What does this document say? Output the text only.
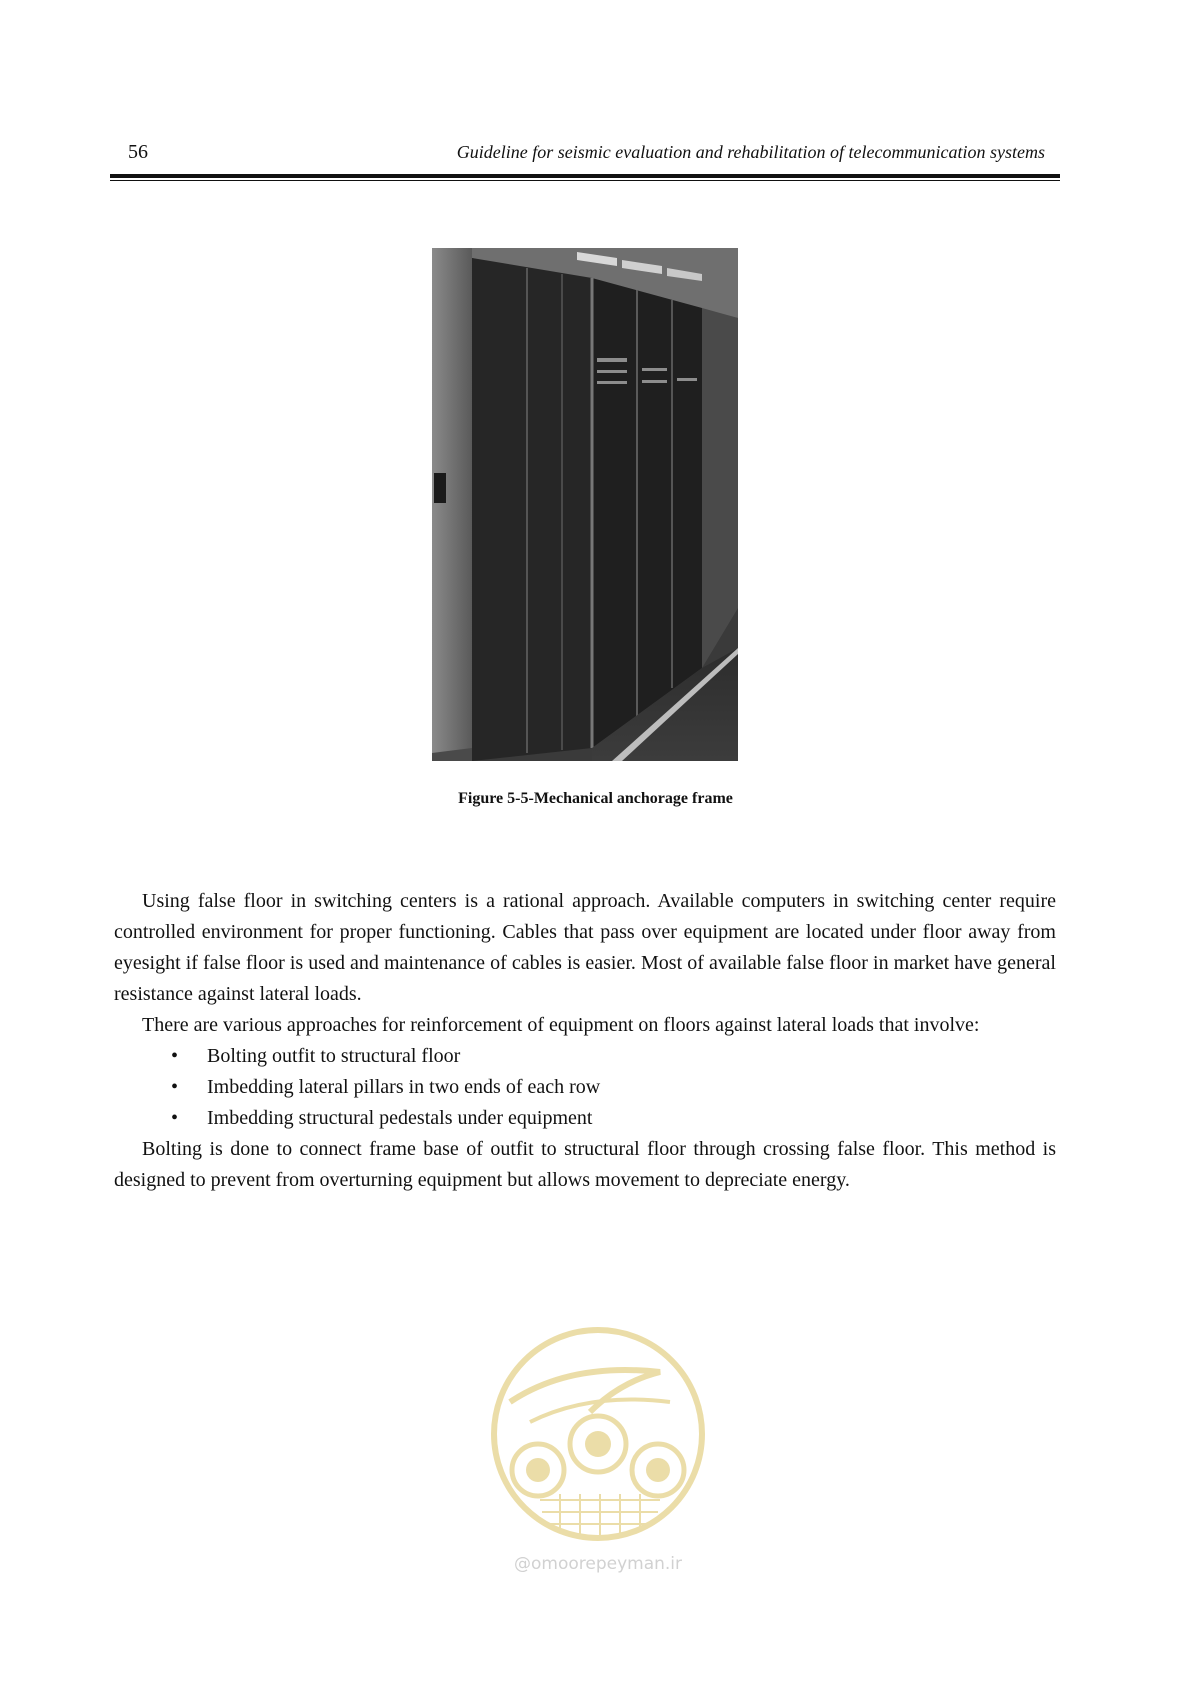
56	Guideline for seismic evaluation and rehabilitation of telecommunication systems
Figure 5-5-Mechanical anchorage frame

Using false floor in switching centers is a rational approach. Available computers in switching center require controlled environment for proper functioning. Cables that pass over equipment are located under floor away from eyesight if false floor is used and maintenance of cables is easier. Most of available false floor in market have general resistance against lateral loads.

There are various approaches for reinforcement of equipment on floors against lateral loads that involve:

• Bolting outfit to structural floor
• Imbedding lateral pillars in two ends of each row
• Imbedding structural pedestals under equipment

Bolting is done to connect frame base of outfit to structural floor through crossing false floor. This method is designed to prevent from overturning equipment but allows movement to depreciate energy.

@omoorepeyman.ir
